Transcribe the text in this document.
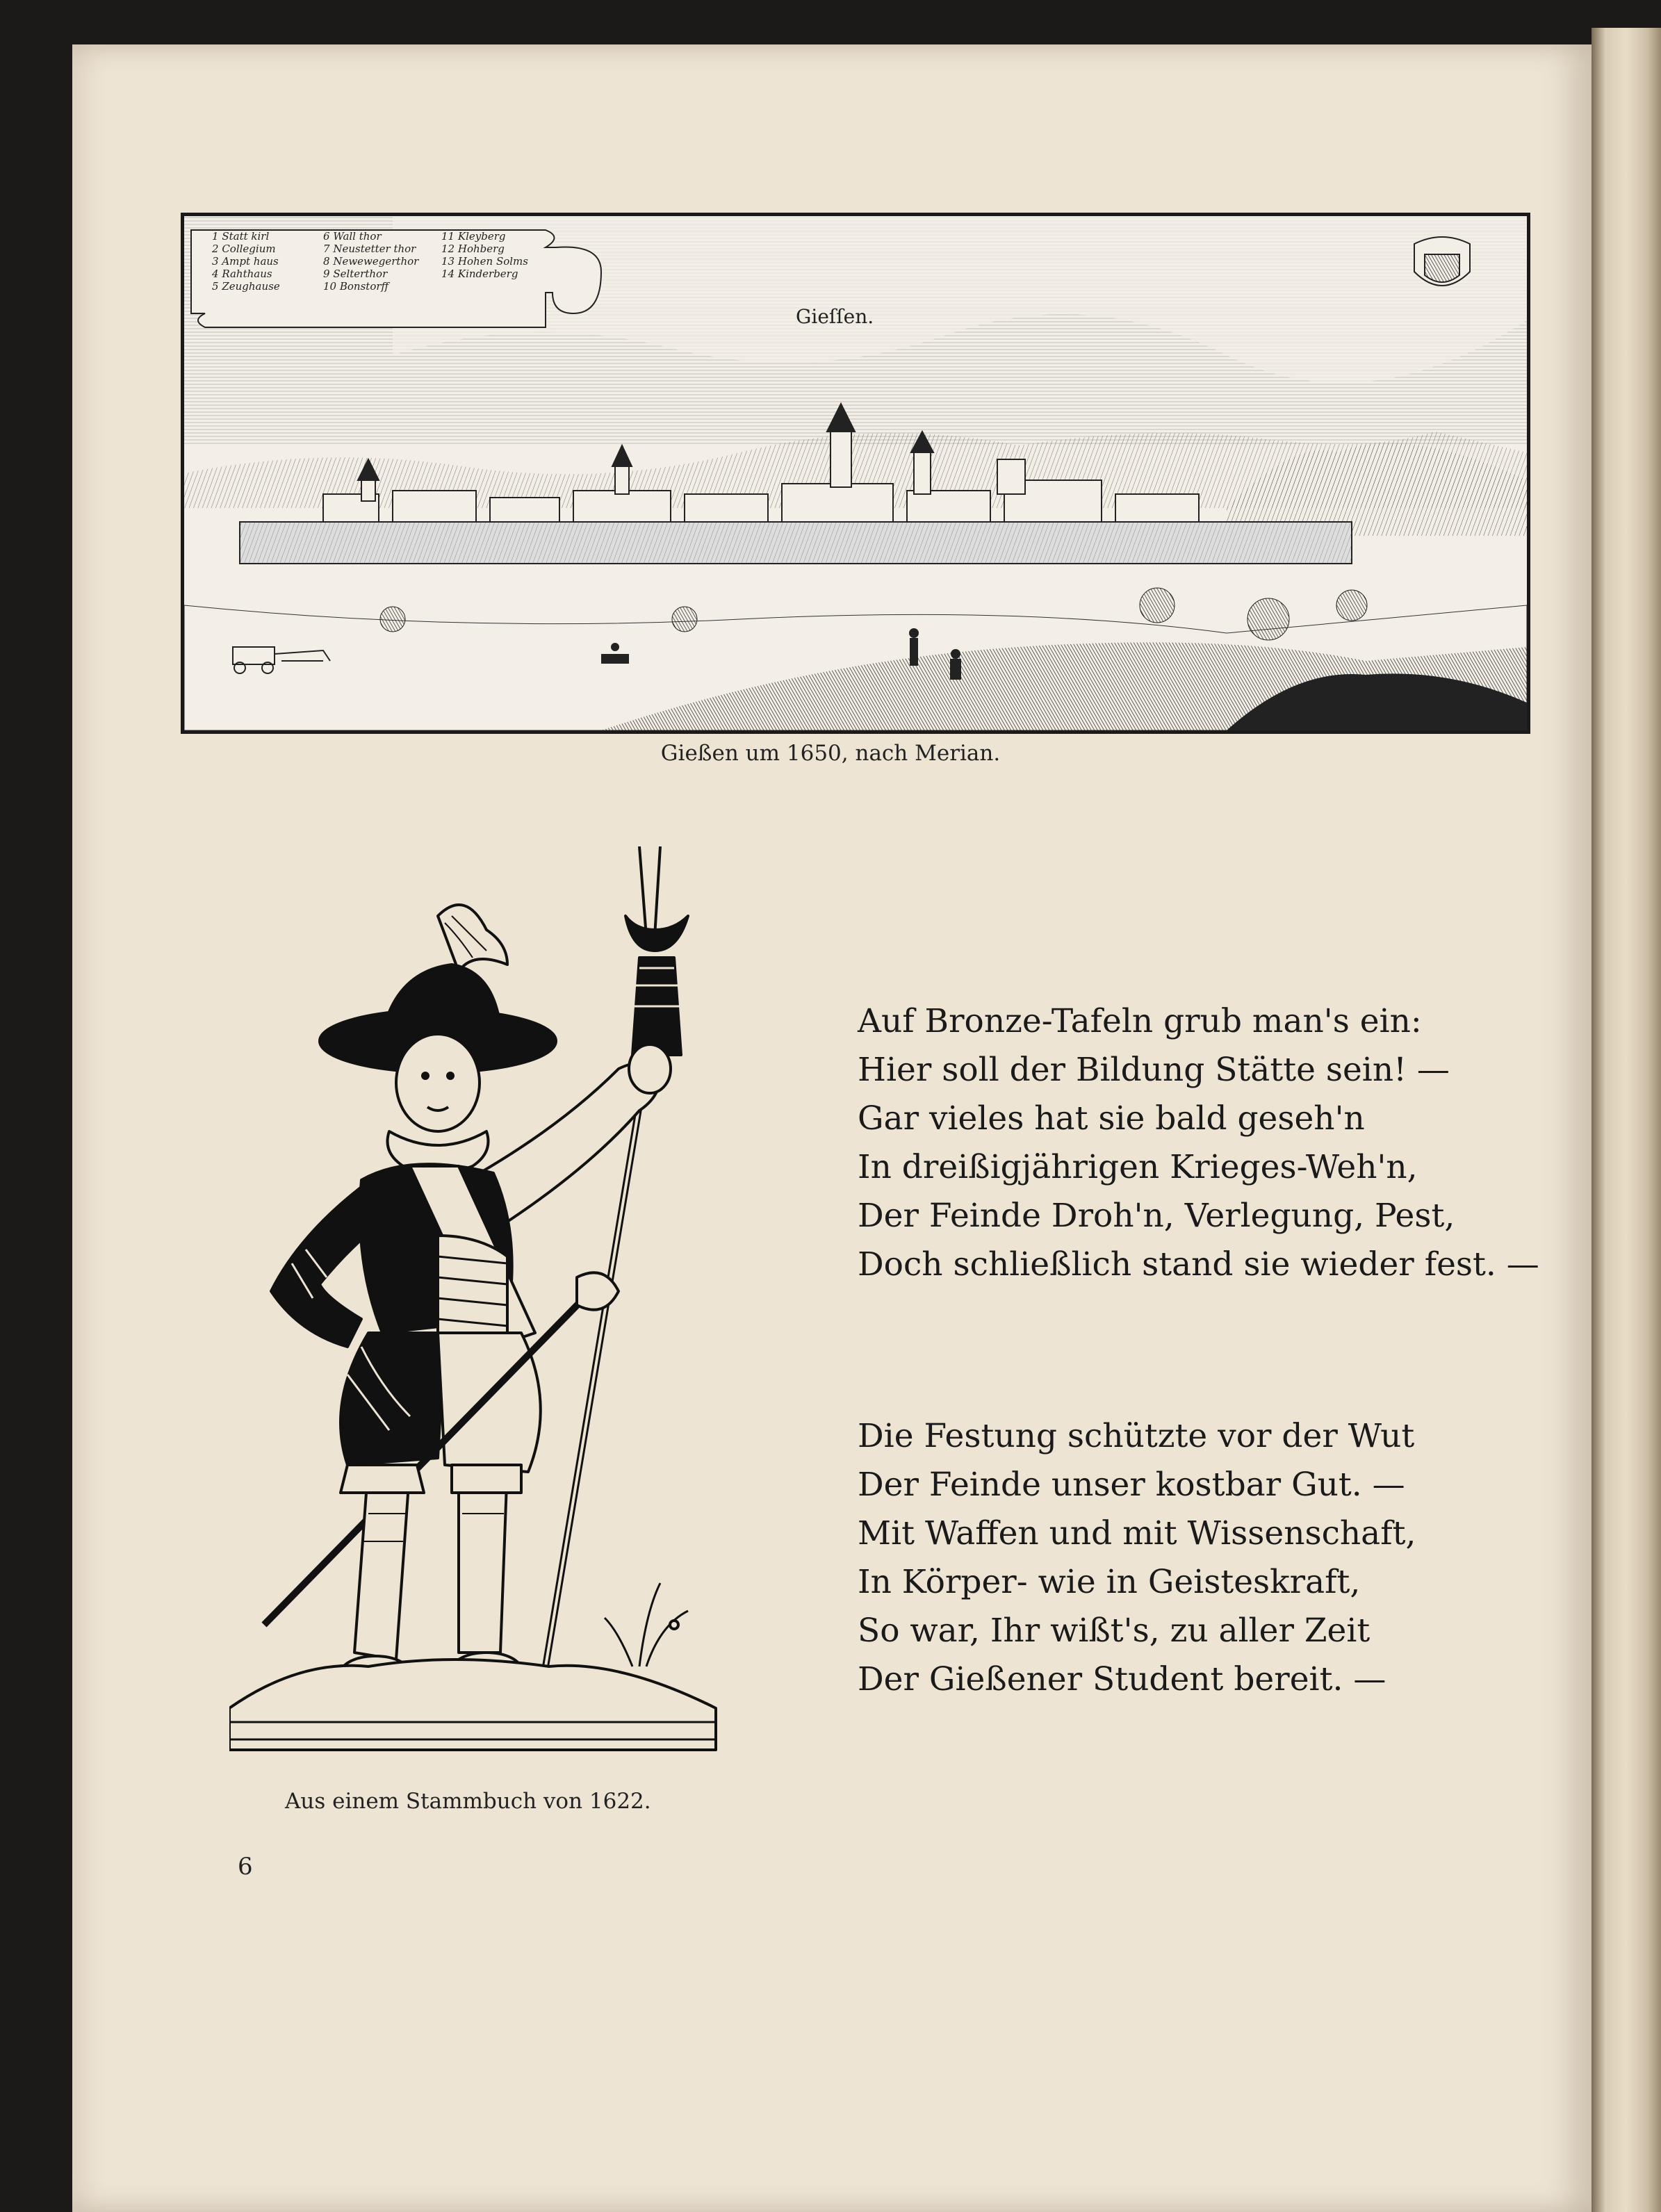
1 Statt kirl
2 Collegium
3 Ampt haus
4 Rahthaus
5 Zeughause
6 Wall thor
7 Neustetter thor
8 Newewegerthor
9 Selterthor
10 Bonstorff
11 Kleyberg
12 Hohberg
13 Hohen Solms
14 Kinderberg
Gieſſen.
Gießen um 1650, nach Merian.
Aus einem Stammbuch von 1622.
6
Auf Bronze-Tafeln grub man's ein:
Hier soll der Bildung Stätte sein! —
Gar vieles hat sie bald geseh'n
In dreißigjährigen Krieges-Weh'n,
Der Feinde Droh'n, Verlegung, Pest,
Doch schließlich stand sie wieder fest. —
Die Festung schützte vor der Wut
Der Feinde unser kostbar Gut. —
Mit Waffen und mit Wissenschaft,
In Körper- wie in Geisteskraft,
So war, Ihr wißt's, zu aller Zeit
Der Gießener Student bereit. —
